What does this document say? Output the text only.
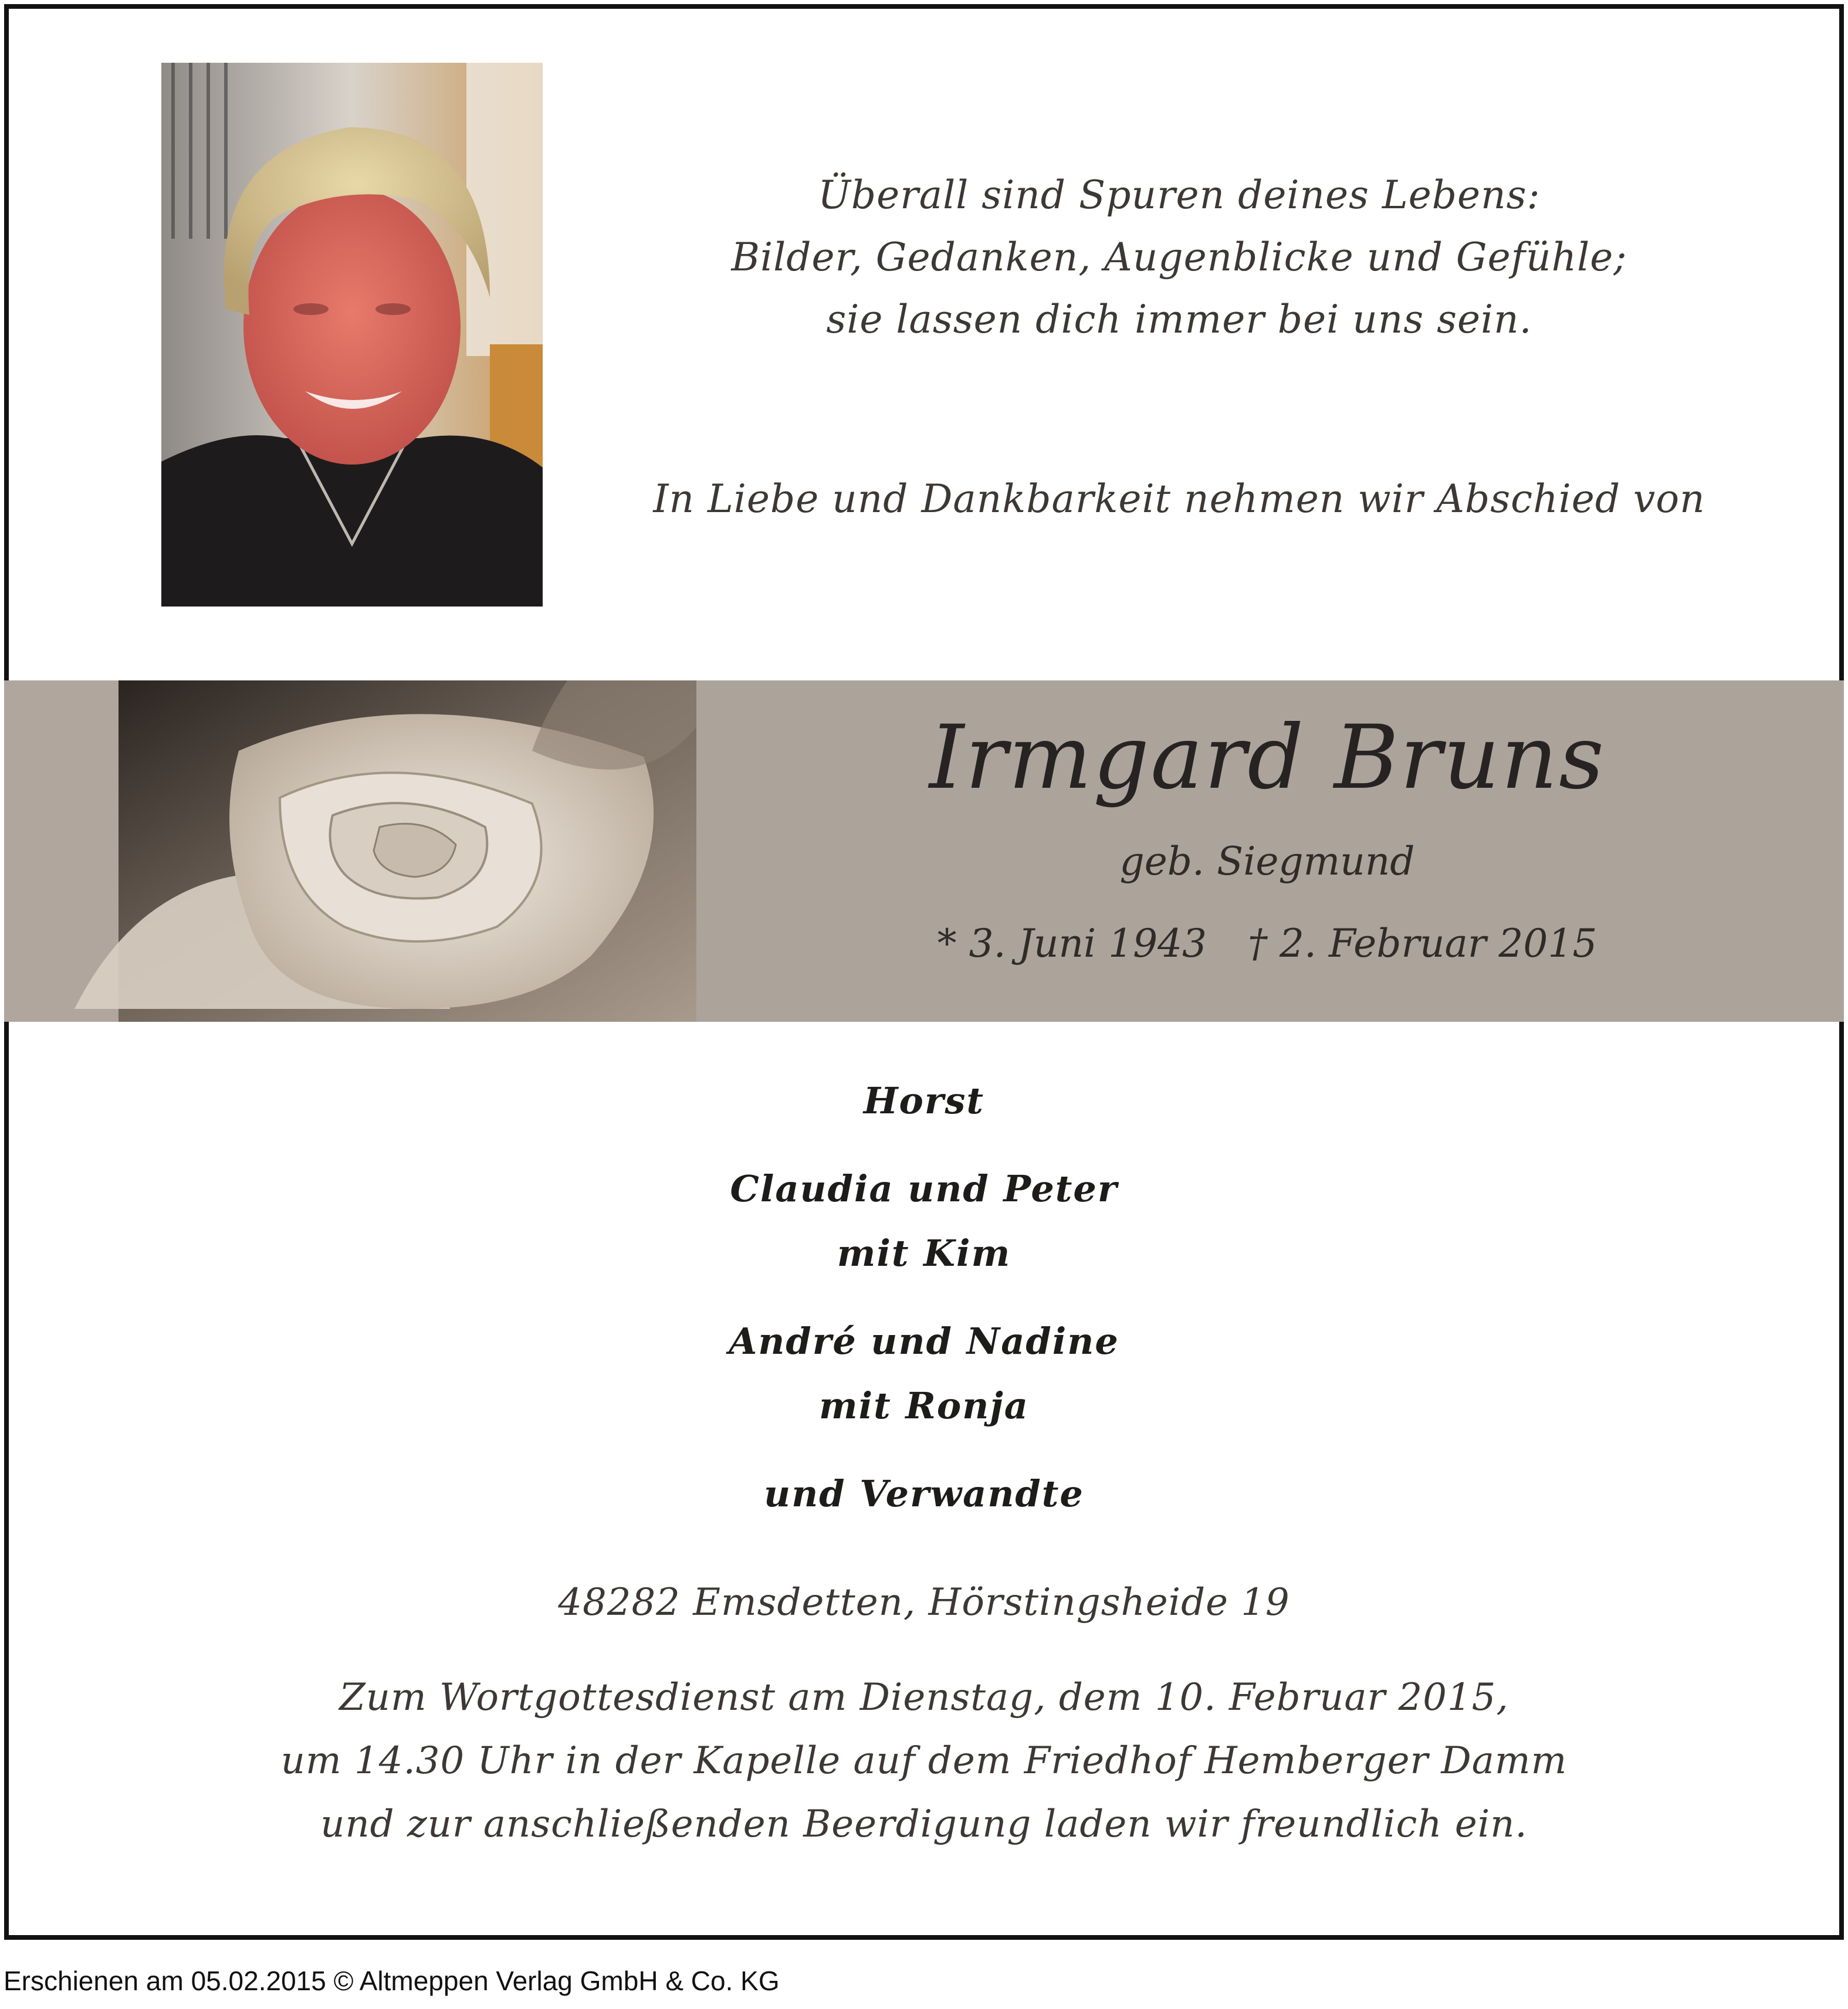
Überall sind Spuren deines Lebens:
Bilder, Gedanken, Augenblicke und Gefühle;
sie lassen dich immer bei uns sein.
In Liebe und Dankbarkeit nehmen wir Abschied von
Irmgard Bruns
geb. Siegmund
* 3. Juni 1943 † 2. Februar 2015
Horst
Claudia und Peter
mit Kim
André und Nadine
mit Ronja
und Verwandte
48282 Emsdetten, Hörstingsheide 19
Zum Wortgottesdienst am Dienstag, dem 10. Februar 2015,
um 14.30 Uhr in der Kapelle auf dem Friedhof Hemberger Damm
und zur anschließenden Beerdigung laden wir freundlich ein.
Erschienen am 05.02.2015 © Altmeppen Verlag GmbH & Co. KG
